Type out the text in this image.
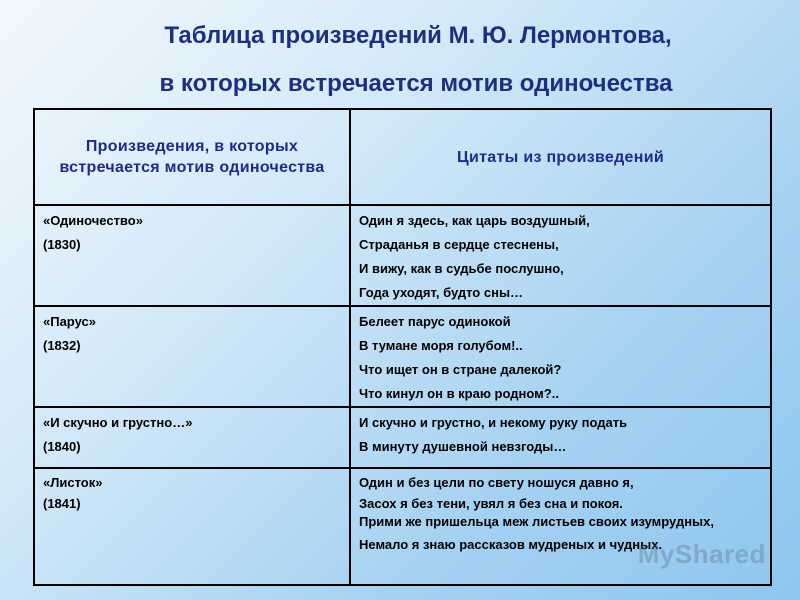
Таблица произведений М. Ю. Лермонтова,
в которых встречается мотив одиночества
Произведения, в которых встречается мотив одиночества	Цитаты из произведений

«Одиночество»
(1830)	Один я здесь, как царь воздушный,
Страданья в сердце стеснены,
И вижу, как в судьбе послушно,
Года уходят, будто сны…

«Парус»
(1832)	Белеет парус одинокой
В тумане моря голубом!..
Что ищет он в стране далекой?
Что кинул он в краю родном?..

«И скучно и грустно…»
(1840)	И скучно и грустно, и некому руку подать
В минуту душевной невзгоды…

«Листок»
(1841)	Один и без цели по свету ношуся давно я,
Засох я без тени, увял я без сна и покоя.
Прими же пришельца меж листьев своих изумрудных,
Немало я знаю рассказов мудреных и чудных.
MyShared
